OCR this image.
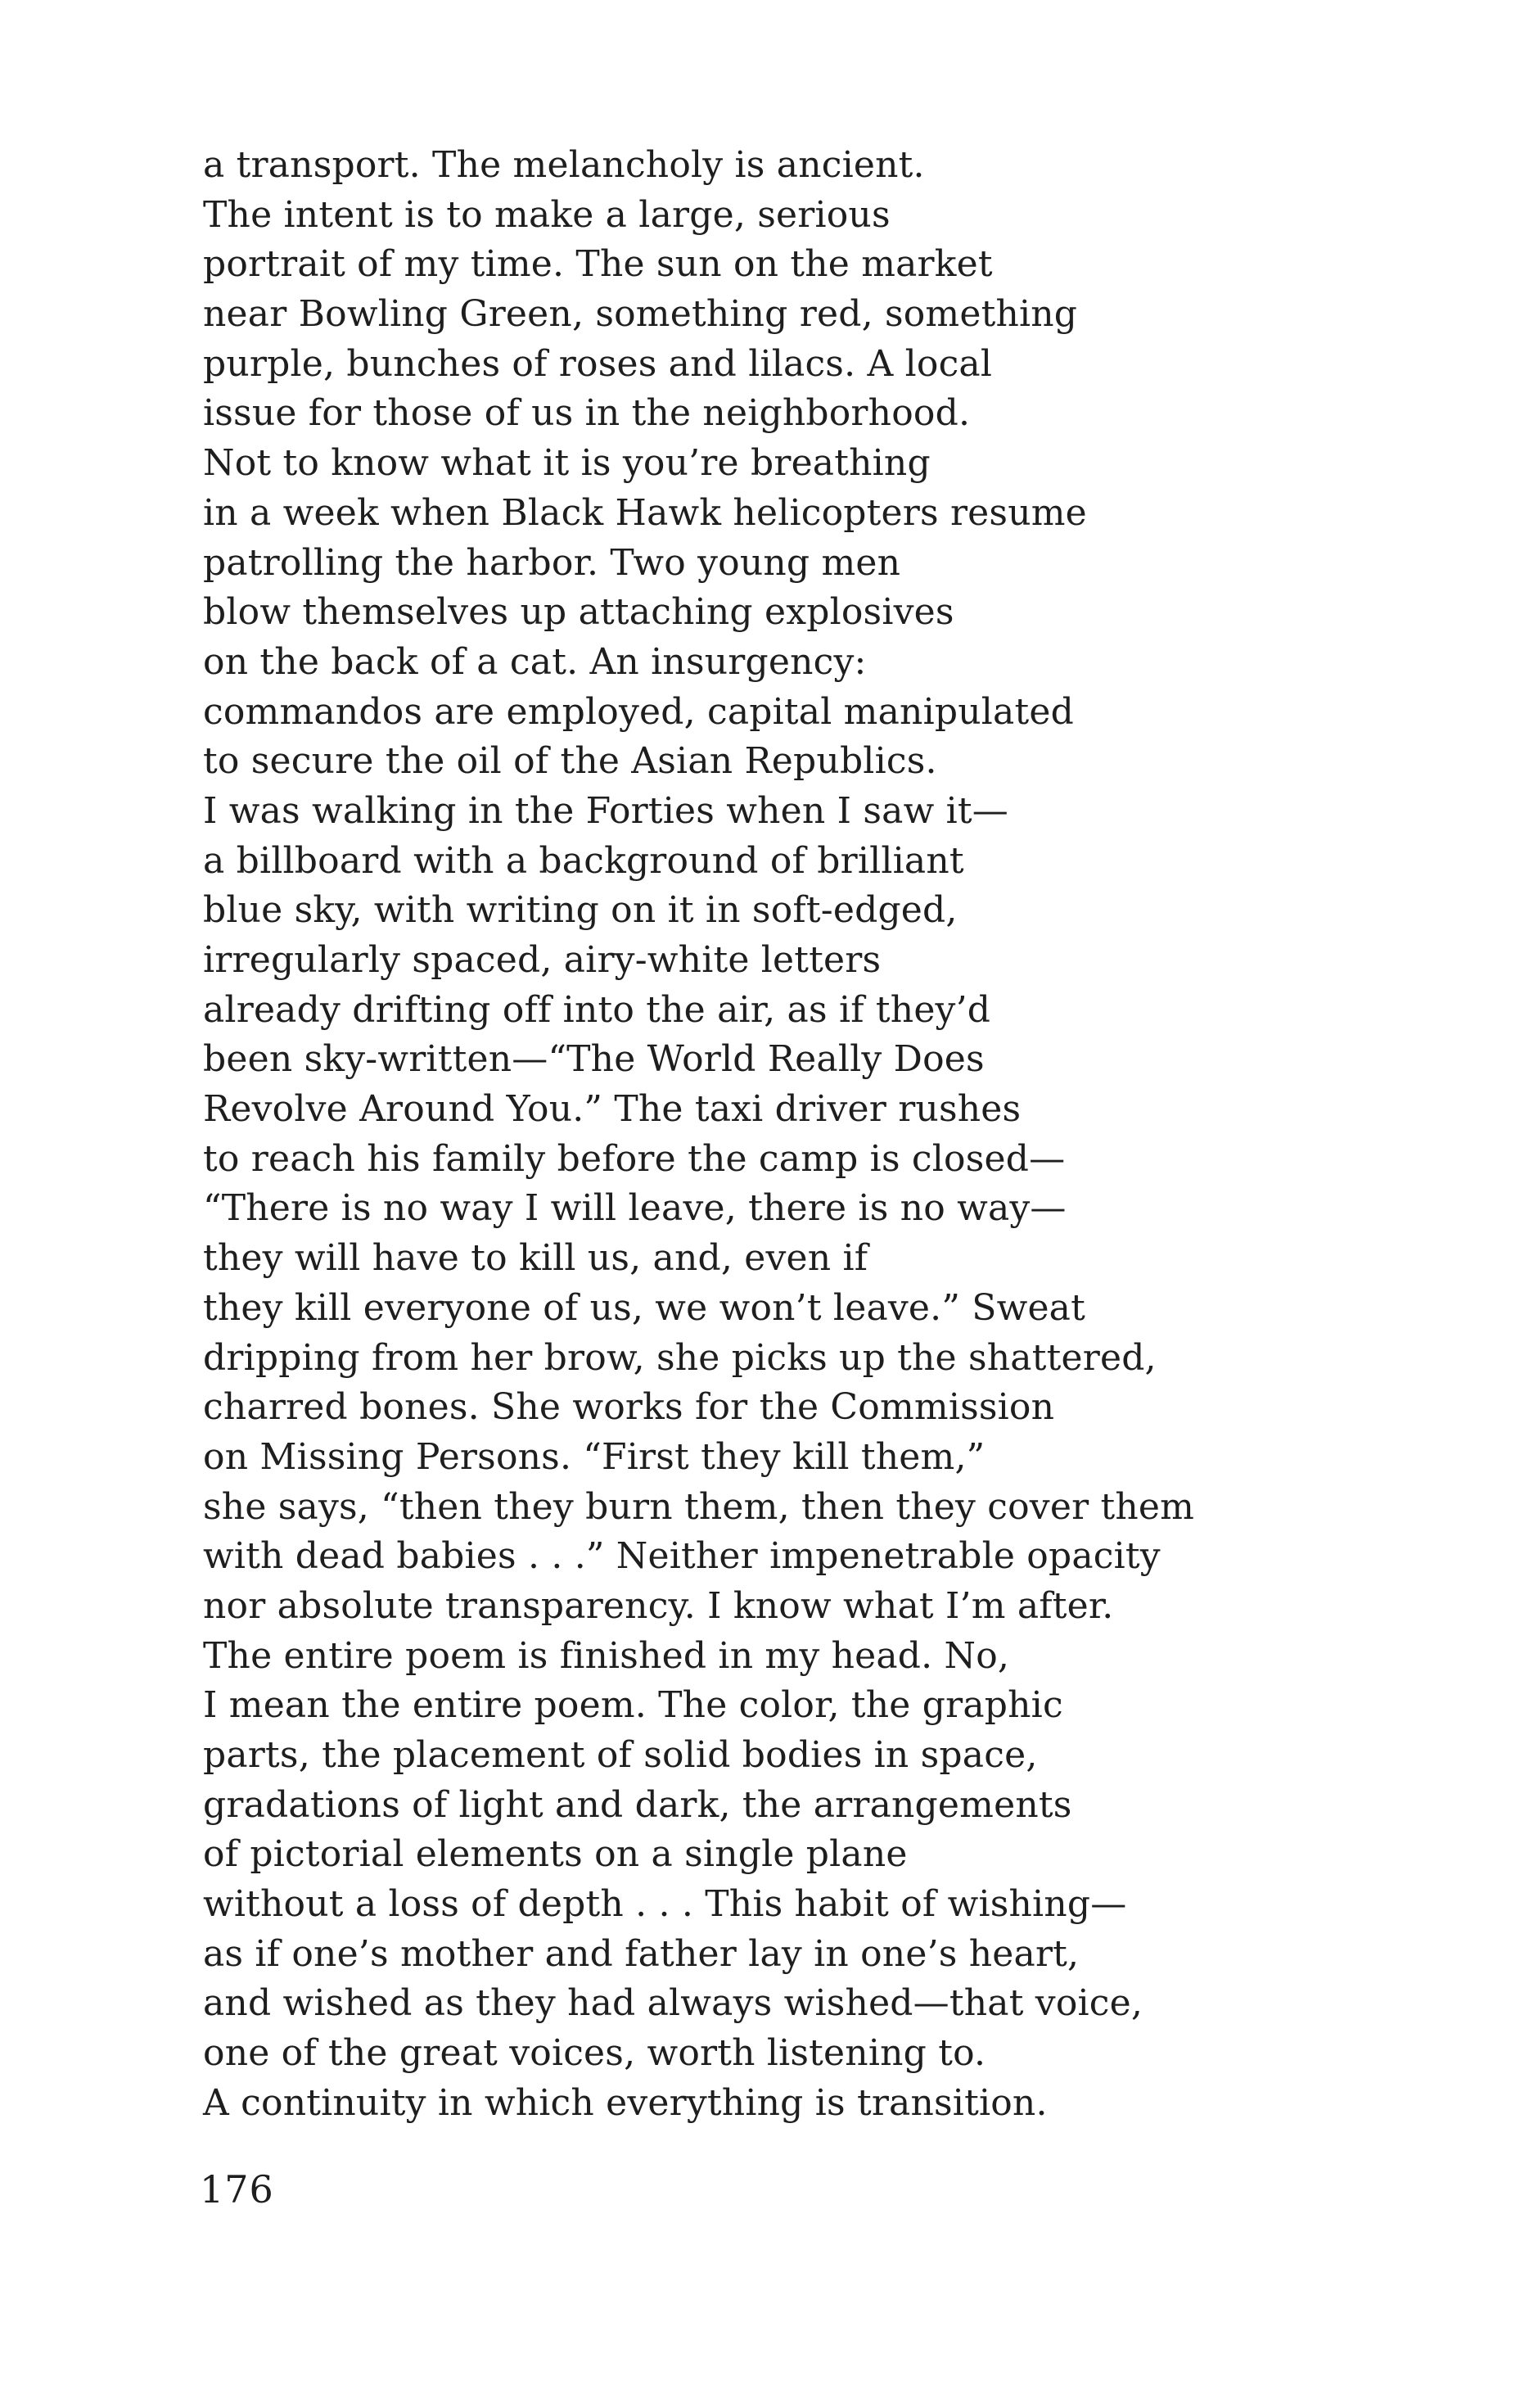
a transport. The melancholy is ancient.
The intent is to make a large, serious
portrait of my time. The sun on the market
near Bowling Green, something red, something
purple, bunches of roses and lilacs. A local
issue for those of us in the neighborhood.
Not to know what it is you’re breathing
in a week when Black Hawk helicopters resume
patrolling the harbor. Two young men
blow themselves up attaching explosives
on the back of a cat. An insurgency:
commandos are employed, capital manipulated
to secure the oil of the Asian Republics.
I was walking in the Forties when I saw it—
a billboard with a background of brilliant
blue sky, with writing on it in soft-edged,
irregularly spaced, airy-white letters
already drifting off into the air, as if they’d
been sky-written—“The World Really Does
Revolve Around You.” The taxi driver rushes
to reach his family before the camp is closed—
“There is no way I will leave, there is no way—
they will have to kill us, and, even if
they kill everyone of us, we won’t leave.” Sweat
dripping from her brow, she picks up the shattered,
charred bones. She works for the Commission
on Missing Persons. “First they kill them,”
she says, “then they burn them, then they cover them
with dead babies . . .” Neither impenetrable opacity
nor absolute transparency. I know what I’m after.
The entire poem is finished in my head. No,
I mean the entire poem. The color, the graphic
parts, the placement of solid bodies in space,
gradations of light and dark, the arrangements
of pictorial elements on a single plane
without a loss of depth . . . This habit of wishing—
as if one’s mother and father lay in one’s heart,
and wished as they had always wished—that voice,
one of the great voices, worth listening to.
A continuity in which everything is transition.
176
